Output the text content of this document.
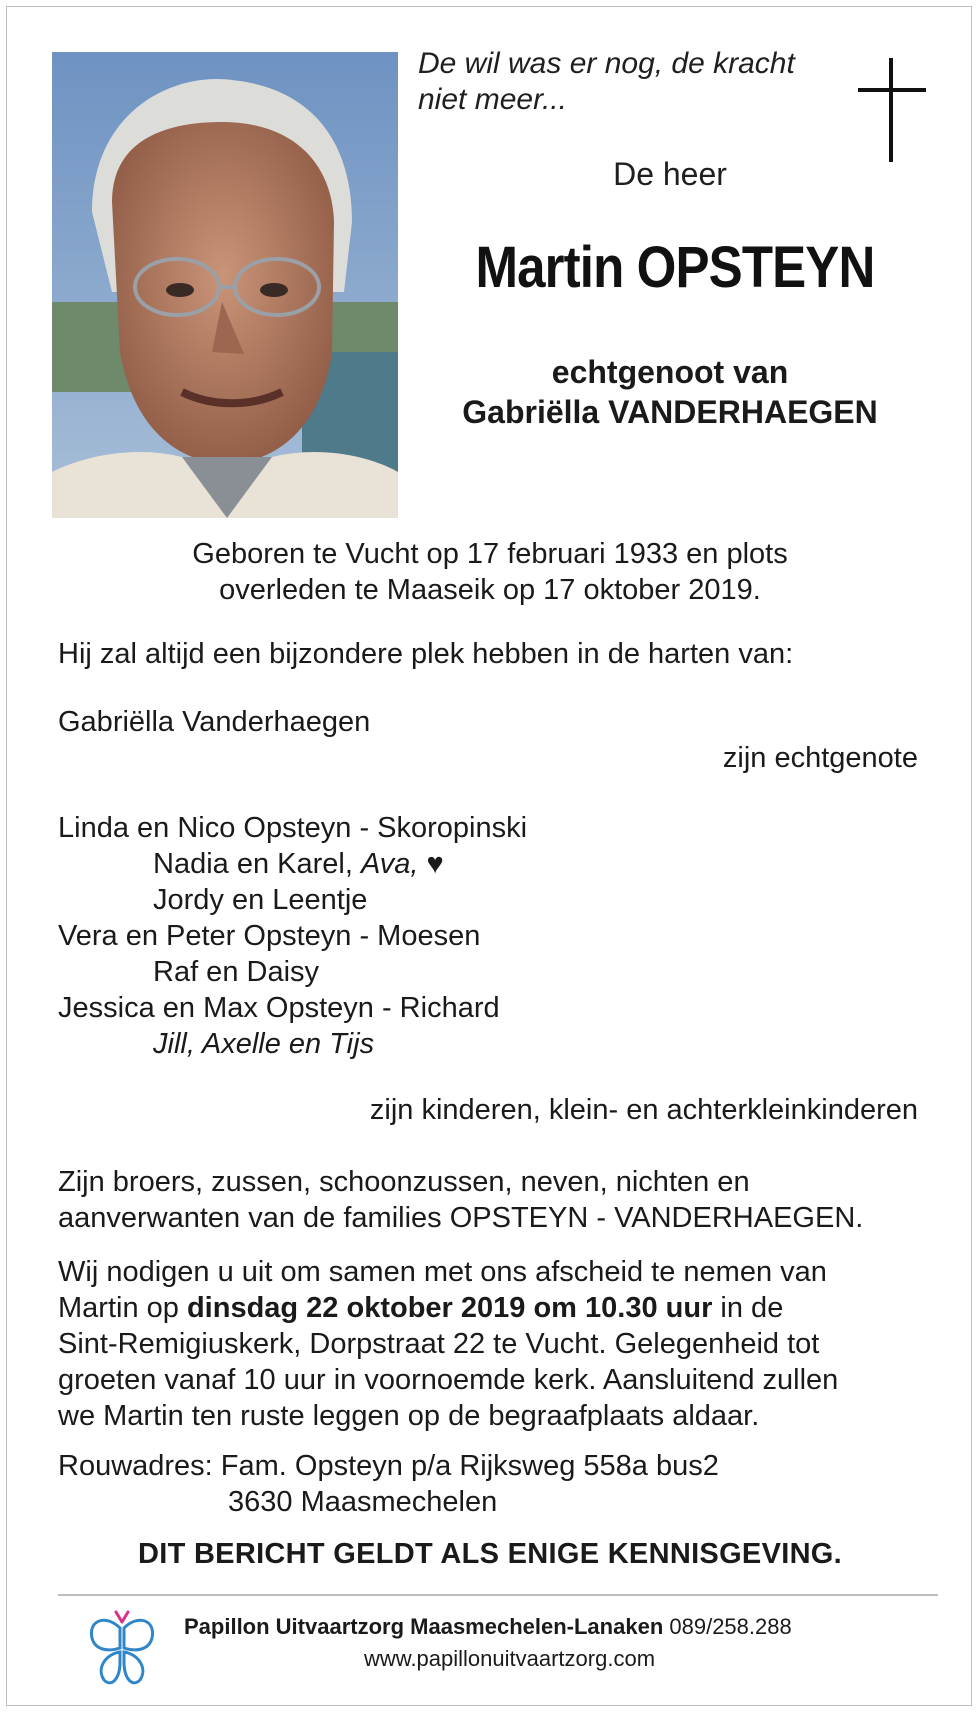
De wil was er nog, de kracht
niet meer...
De heer
Martin OPSTEYN
echtgenoot van
Gabriëlla VANDERHAEGEN
Geboren te Vucht op 17 februari 1933 en plots
overleden te Maaseik op 17 oktober 2019.
Hij zal altijd een bijzondere plek hebben in de harten van:
Gabriëlla Vanderhaegen
zijn echtgenote
Linda en Nico Opsteyn - Skoropinski
Nadia en Karel, Ava, ♥
Jordy en Leentje
Vera en Peter Opsteyn - Moesen
Raf en Daisy
Jessica en Max Opsteyn - Richard
Jill, Axelle en Tijs
zijn kinderen, klein- en achterkleinkinderen
Zijn broers, zussen, schoonzussen, neven, nichten en
aanverwanten van de families OPSTEYN - VANDERHAEGEN.
Wij nodigen u uit om samen met ons afscheid te nemen van
Martin op dinsdag 22 oktober 2019 om 10.30 uur in de
Sint-Remigiuskerk, Dorpstraat 22 te Vucht. Gelegenheid tot
groeten vanaf 10 uur in voornoemde kerk. Aansluitend zullen
we Martin ten ruste leggen op de begraafplaats aldaar.
Rouwadres: Fam. Opsteyn p/a Rijksweg 558a bus2
3630 Maasmechelen
DIT BERICHT GELDT ALS ENIGE KENNISGEVING.
Papillon Uitvaartzorg Maasmechelen-Lanaken 089/258.288
www.papillonuitvaartzorg.com
